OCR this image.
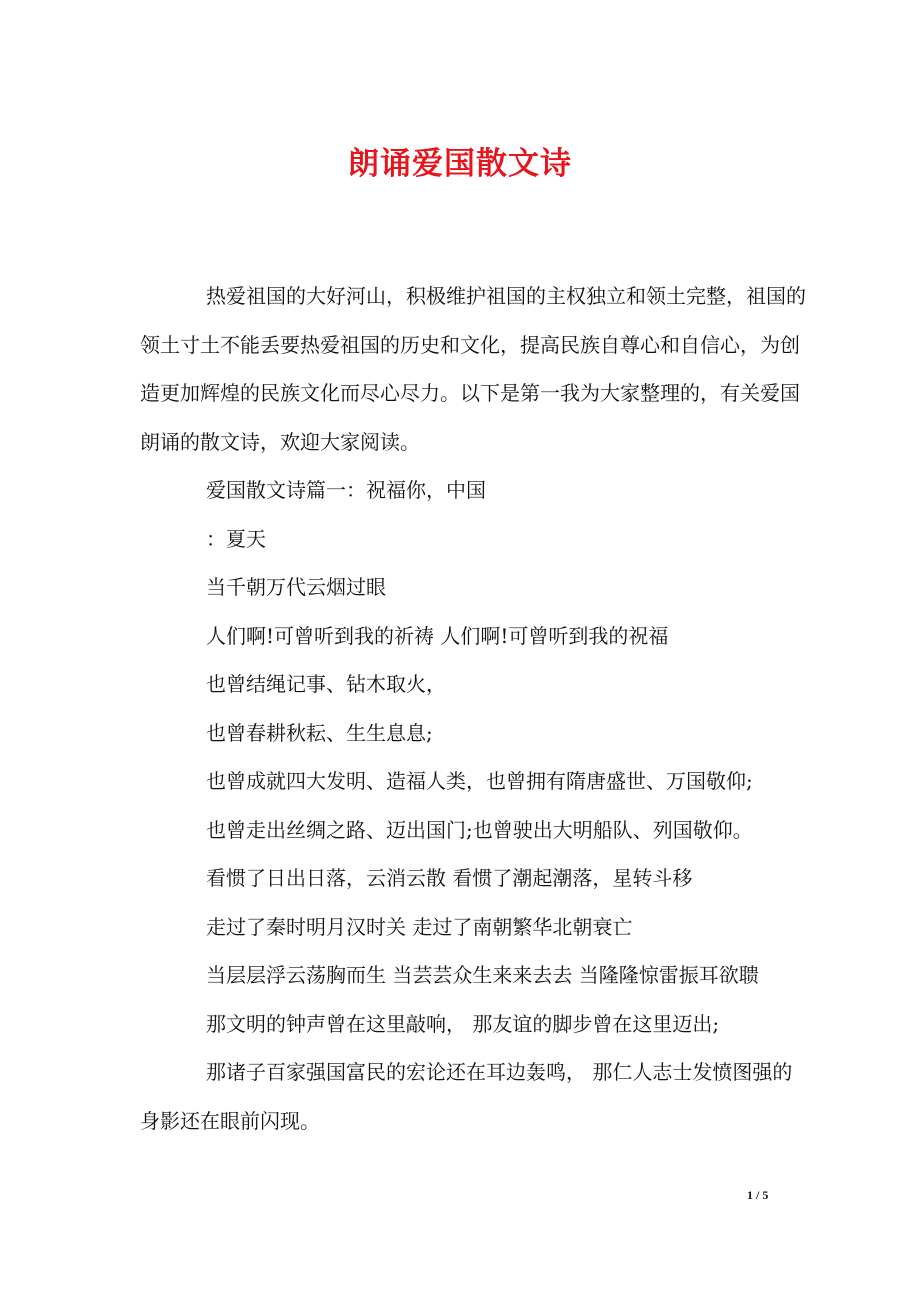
朗诵爱国散文诗

热爱祖国的大好河山，积极维护祖国的主权独立和领土完整，祖国的领土寸土不能丢要热爱祖国的历史和文化，提高民族自尊心和自信心，为创造更加辉煌的民族文化而尽心尽力。以下是第一我为大家整理的，有关爱国朗诵的散文诗，欢迎大家阅读。

爱国散文诗篇一：祝福你，中国

：夏天

当千朝万代云烟过眼

人们啊!可曾听到我的祈祷 人们啊!可曾听到我的祝福

也曾结绳记事、钻木取火，

也曾春耕秋耘、生生息息;

也曾成就四大发明、造福人类，也曾拥有隋唐盛世、万国敬仰;

也曾走出丝绸之路、迈出国门;也曾驶出大明船队、列国敬仰。

看惯了日出日落，云消云散 看惯了潮起潮落，星转斗移

走过了秦时明月汉时关 走过了南朝繁华北朝衰亡

当层层浮云荡胸而生 当芸芸众生来来去去 当隆隆惊雷振耳欲聩

那文明的钟声曾在这里敲响， 那友谊的脚步曾在这里迈出;

那诸子百家强国富民的宏论还在耳边轰鸣， 那仁人志士发愤图强的身影还在眼前闪现。

1 / 5
